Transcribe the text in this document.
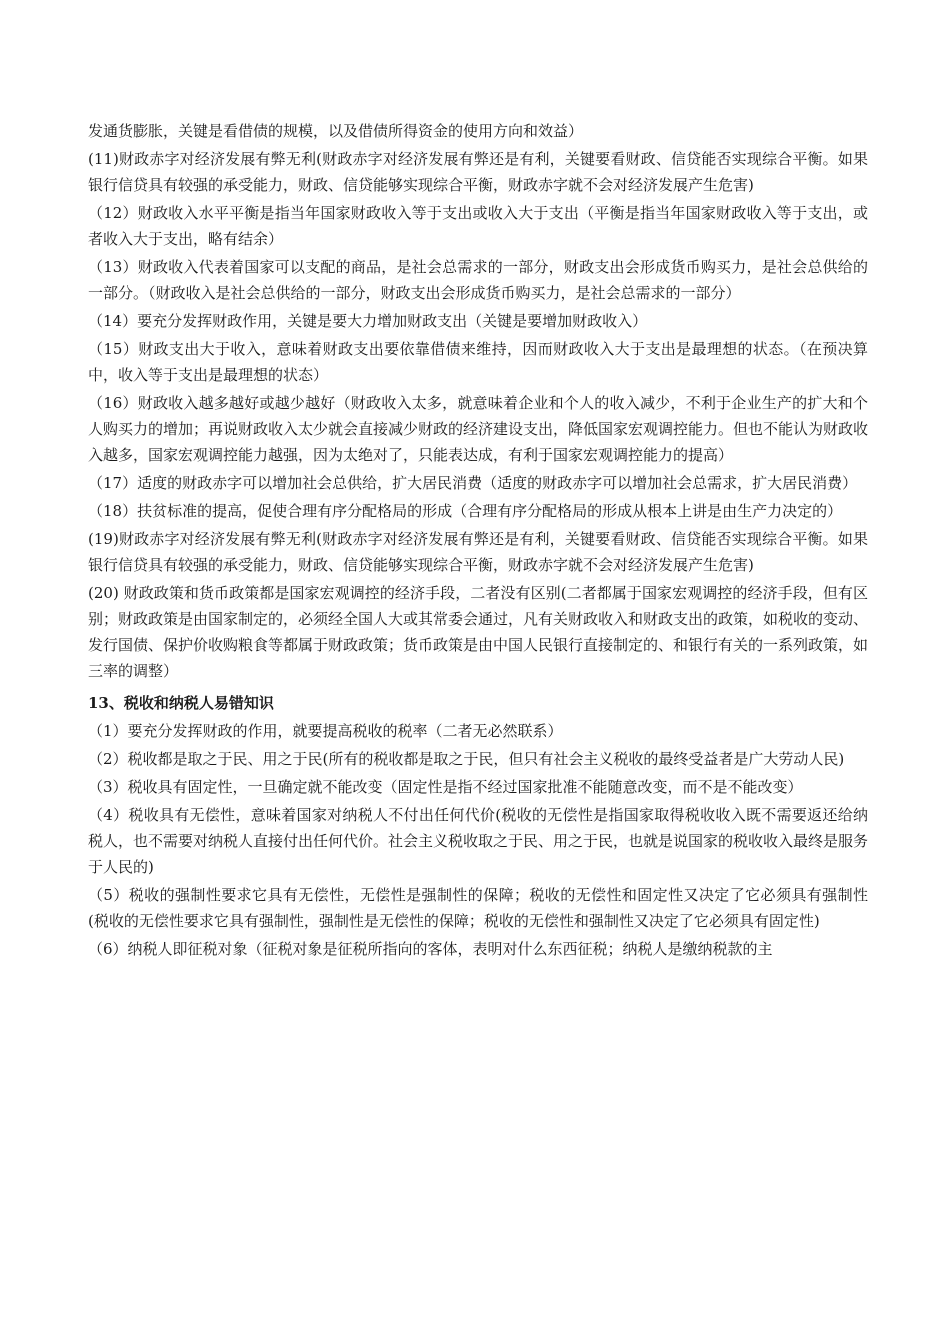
发通货膨胀，关键是看借债的规模，以及借债所得资金的使用方向和效益）

(11)财政赤字对经济发展有弊无利(财政赤字对经济发展有弊还是有利，关键要看财政、信贷能否实现综合平衡。如果银行信贷具有较强的承受能力，财政、信贷能够实现综合平衡，财政赤字就不会对经济发展产生危害)

（12）财政收入水平平衡是指当年国家财政收入等于支出或收入大于支出（平衡是指当年国家财政收入等于支出，或者收入大于支出，略有结余）

（13）财政收入代表着国家可以支配的商品，是社会总需求的一部分，财政支出会形成货币购买力，是社会总供给的一部分。（财政收入是社会总供给的一部分，财政支出会形成货币购买力，是社会总需求的一部分）

（14）要充分发挥财政作用，关键是要大力增加财政支出（关键是要增加财政收入）

（15）财政支出大于收入，意味着财政支出要依靠借债来维持，因而财政收入大于支出是最理想的状态。（在预决算中，收入等于支出是最理想的状态）

（16）财政收入越多越好或越少越好（财政收入太多，就意味着企业和个人的收入减少，不利于企业生产的扩大和个人购买力的增加；再说财政收入太少就会直接减少财政的经济建设支出，降低国家宏观调控能力。但也不能认为财政收入越多，国家宏观调控能力越强，因为太绝对了，只能表达成，有利于国家宏观调控能力的提高）

（17）适度的财政赤字可以增加社会总供给，扩大居民消费（适度的财政赤字可以增加社会总需求，扩大居民消费）

（18）扶贫标准的提高，促使合理有序分配格局的形成（合理有序分配格局的形成从根本上讲是由生产力决定的）

(19)财政赤字对经济发展有弊无利(财政赤字对经济发展有弊还是有利，关键要看财政、信贷能否实现综合平衡。如果银行信贷具有较强的承受能力，财政、信贷能够实现综合平衡，财政赤字就不会对经济发展产生危害)

(20) 财政政策和货币政策都是国家宏观调控的经济手段，二者没有区别(二者都属于国家宏观调控的经济手段，但有区别；财政政策是由国家制定的，必须经全国人大或其常委会通过，凡有关财政收入和财政支出的政策，如税收的变动、发行国债、保护价收购粮食等都属于财政政策；货币政策是由中国人民银行直接制定的、和银行有关的一系列政策，如三率的调整）

13、税收和纳税人易错知识

（1）要充分发挥财政的作用，就要提高税收的税率（二者无必然联系）

（2）税收都是取之于民、用之于民(所有的税收都是取之于民，但只有社会主义税收的最终受益者是广大劳动人民)

（3）税收具有固定性，一旦确定就不能改变（固定性是指不经过国家批准不能随意改变，而不是不能改变）

（4）税收具有无偿性，意味着国家对纳税人不付出任何代价(税收的无偿性是指国家取得税收收入既不需要返还给纳税人，也不需要对纳税人直接付出任何代价。社会主义税收取之于民、用之于民，也就是说国家的税收收入最终是服务于人民的)

（5）税收的强制性要求它具有无偿性，无偿性是强制性的保障；税收的无偿性和固定性又决定了它必须具有强制性(税收的无偿性要求它具有强制性，强制性是无偿性的保障；税收的无偿性和强制性又决定了它必须具有固定性)

（6）纳税人即征税对象（征税对象是征税所指向的客体，表明对什么东西征税；纳税人是缴纳税款的主
